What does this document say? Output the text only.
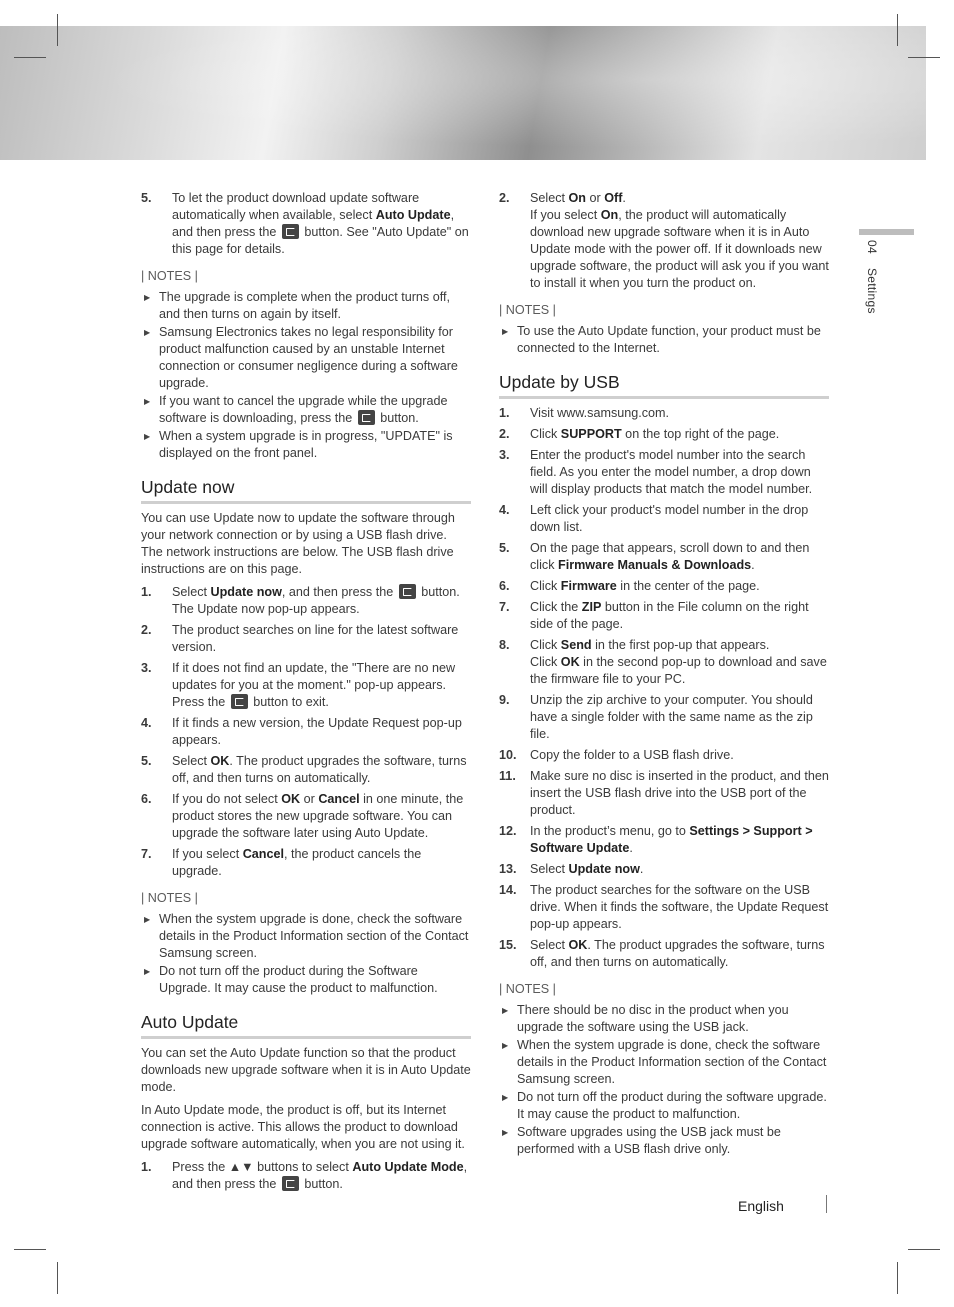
04 Settings
5.	To let the product download update software automatically when available, select Auto Update, and then press the  button. See "Auto Update" on this page for details.
| NOTES |
▶ The upgrade is complete when the product turns off, and then turns on again by itself.
▶ Samsung Electronics takes no legal responsibility for product malfunction caused by an unstable Internet connection or consumer negligence during a software upgrade.
▶ If you want to cancel the upgrade while the upgrade software is downloading, press the  button.
▶ When a system upgrade is in progress, "UPDATE" is displayed on the front panel.
Update now
You can use Update now to update the software through your network connection or by using a USB flash drive. The network instructions are below. The USB flash drive instructions are on this page.
1.	Select Update now, and then press the  button. The Update now pop-up appears.
2.	The product searches on line for the latest software version.
3.	If it does not find an update, the "There are no new updates for you at the moment." pop-up appears. Press the  button to exit.
4.	If it finds a new version, the Update Request pop-up appears.
5.	Select OK. The product upgrades the software, turns off, and then turns on automatically.
6.	If you do not select OK or Cancel in one minute, the product stores the new upgrade software. You can upgrade the software later using Auto Update.
7.	If you select Cancel, the product cancels the upgrade.
| NOTES |
▶ When the system upgrade is done, check the software details in the Product Information section of the Contact Samsung screen.
▶ Do not turn off the product during the Software Upgrade. It may cause the product to malfunction.
Auto Update
You can set the Auto Update function so that the product downloads new upgrade software when it is in Auto Update mode.
In Auto Update mode, the product is off, but its Internet connection is active. This allows the product to download upgrade software automatically, when you are not using it.
1.	Press the ▲▼ buttons to select Auto Update Mode, and then press the  button.
2.	Select On or Off.
If you select On, the product will automatically download new upgrade software when it is in Auto Update mode with the power off. If it downloads new upgrade software, the product will ask you if you want to install it when you turn the product on.
| NOTES |
▶ To use the Auto Update function, your product must be connected to the Internet.
Update by USB
1.	Visit www.samsung.com.
2.	Click SUPPORT on the top right of the page.
3.	Enter the product's model number into the search field. As you enter the model number, a drop down will display products that match the model number.
4.	Left click your product's model number in the drop down list.
5.	On the page that appears, scroll down to and then click Firmware Manuals & Downloads.
6.	Click Firmware in the center of the page.
7.	Click the ZIP button in the File column on the right side of the page.
8.	Click Send in the first pop-up that appears.
Click OK in the second pop-up to download and save the firmware file to your PC.
9.	Unzip the zip archive to your computer. You should have a single folder with the same name as the zip file.
10.	Copy the folder to a USB flash drive.
11.	Make sure no disc is inserted in the product, and then insert the USB flash drive into the USB port of the product.
12.	In the product’s menu, go to Settings > Support > Software Update.
13.	Select Update now.
14.	The product searches for the software on the USB drive. When it finds the software, the Update Request pop-up appears.
15.	Select OK. The product upgrades the software, turns off, and then turns on automatically.
| NOTES |
▶ There should be no disc in the product when you upgrade the software using the USB jack.
▶ When the system upgrade is done, check the software details in the Product Information section of the Contact Samsung screen.
▶ Do not turn off the product during the software upgrade. It may cause the product to malfunction.
▶ Software upgrades using the USB jack must be performed with a USB flash drive only.
English
